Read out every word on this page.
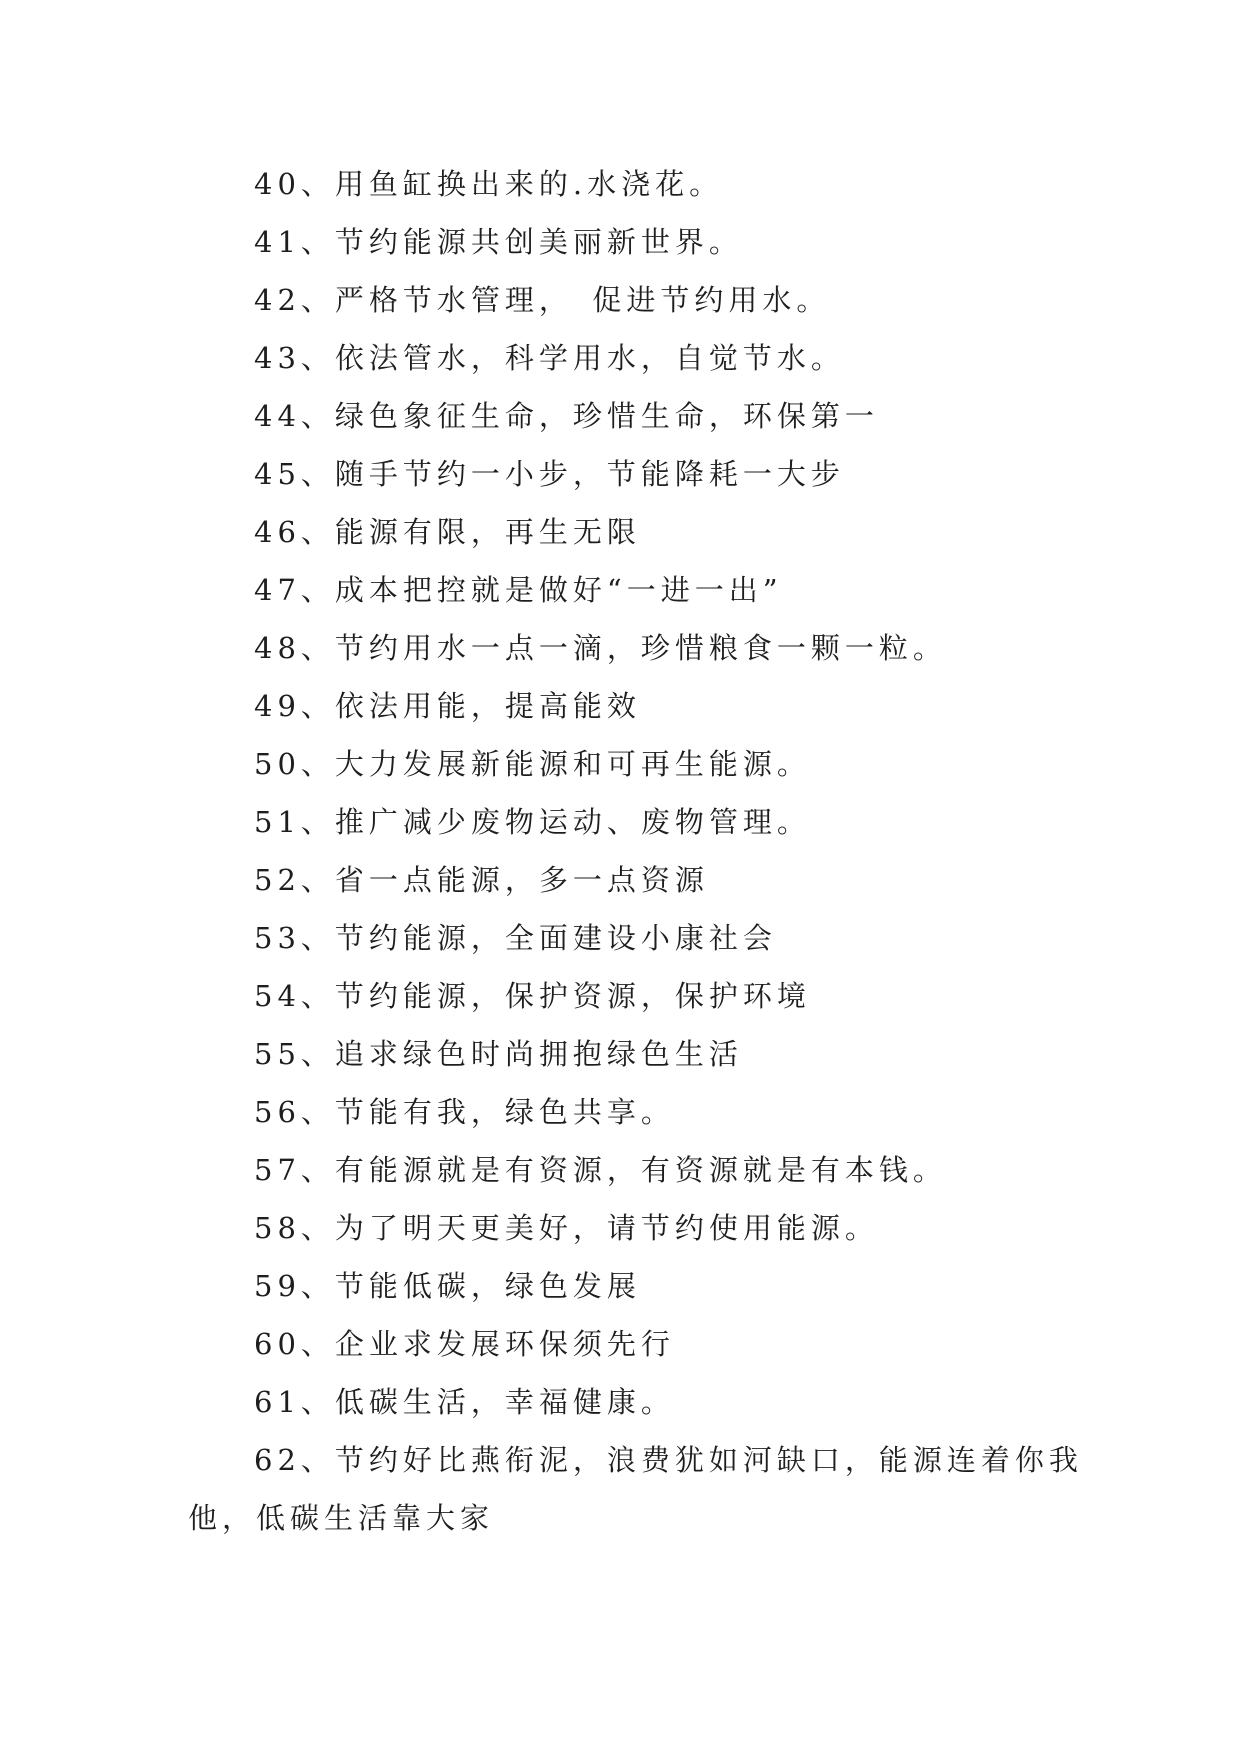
40、用鱼缸换出来的.水浇花。
41、节约能源共创美丽新世界。
42、严格节水管理，　促进节约用水。
43、依法管水，科学用水，自觉节水。
44、绿色象征生命，珍惜生命，环保第一
45、随手节约一小步，节能降耗一大步
46、能源有限，再生无限
47、成本把控就是做好“一进一出”
48、节约用水一点一滴，珍惜粮食一颗一粒。
49、依法用能，提高能效
50、大力发展新能源和可再生能源。
51、推广减少废物运动、废物管理。
52、省一点能源，多一点资源
53、节约能源，全面建设小康社会
54、节约能源，保护资源，保护环境
55、追求绿色时尚拥抱绿色生活
56、节能有我，绿色共享。
57、有能源就是有资源，有资源就是有本钱。
58、为了明天更美好，请节约使用能源。
59、节能低碳，绿色发展
60、企业求发展环保须先行
61、低碳生活，幸福健康。
62、节约好比燕衔泥，浪费犹如河缺口，能源连着你我
他，低碳生活靠大家
